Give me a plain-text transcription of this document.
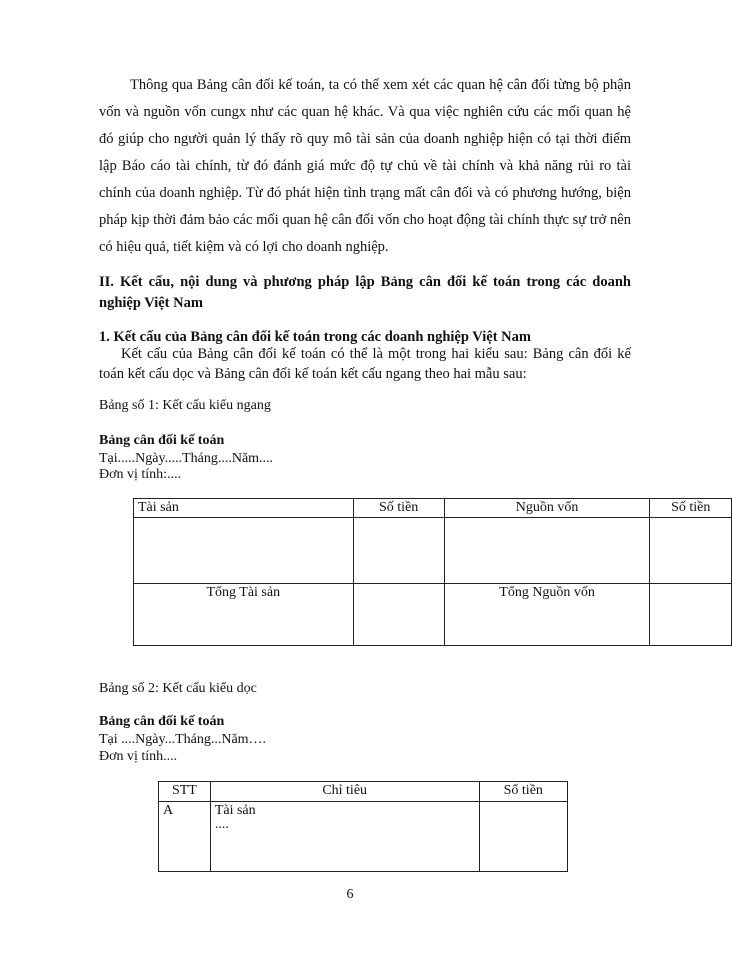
Thông qua Bảng cân đối kế toán, ta có thể xem xét các quan hệ cân đối từng bộ phận vốn và nguồn vốn cungx như các quan hệ khác. Và qua việc nghiên cứu các mối quan hệ đó giúp cho người quản lý thấy rõ quy mô tài sản của doanh nghiệp hiện có tại thời điểm lập Báo cáo tài chính, từ đó đánh giá mức độ tự chủ về tài chính và khả năng rủi ro tài chính của doanh nghiệp. Từ đó phát hiện tình trạng mất cân đối và có phương hướng, biện pháp kịp thời đảm bảo các mối quan hệ cân đối vốn cho hoạt động tài chính thực sự trở nên có hiệu quả, tiết kiệm và có lợi cho doanh nghiệp.
II. Kết cấu, nội dung và phương pháp lập Bảng cân đối kế toán trong các doanh nghiệp Việt Nam
1. Kết cấu của Bảng cân đối kế toán trong các doanh nghiệp Việt Nam
Kết cấu của Bảng cân đối kế toán có thể là một trong hai kiểu sau: Bảng cân đối kế toán kết cấu dọc và Bảng cân đối kế toán kết cấu ngang theo hai mẫu sau:
Bảng số 1: Kết cấu kiểu ngang
Bảng cân đối kế toán
Tại.....Ngày.....Tháng....Năm....
Đơn vị tính:....
Tài sản	Số tiền	Nguồn vốn	Số tiền

Tổng Tài sản		Tổng Nguồn vốn	
Bảng số 2: Kết cấu kiểu dọc
Bảng cân đối kế toán
Tại ....Ngày...Tháng...Năm….
Đơn vị tính....
STT	Chỉ tiêu	Số tiền
A	Tài sản
....	

6
